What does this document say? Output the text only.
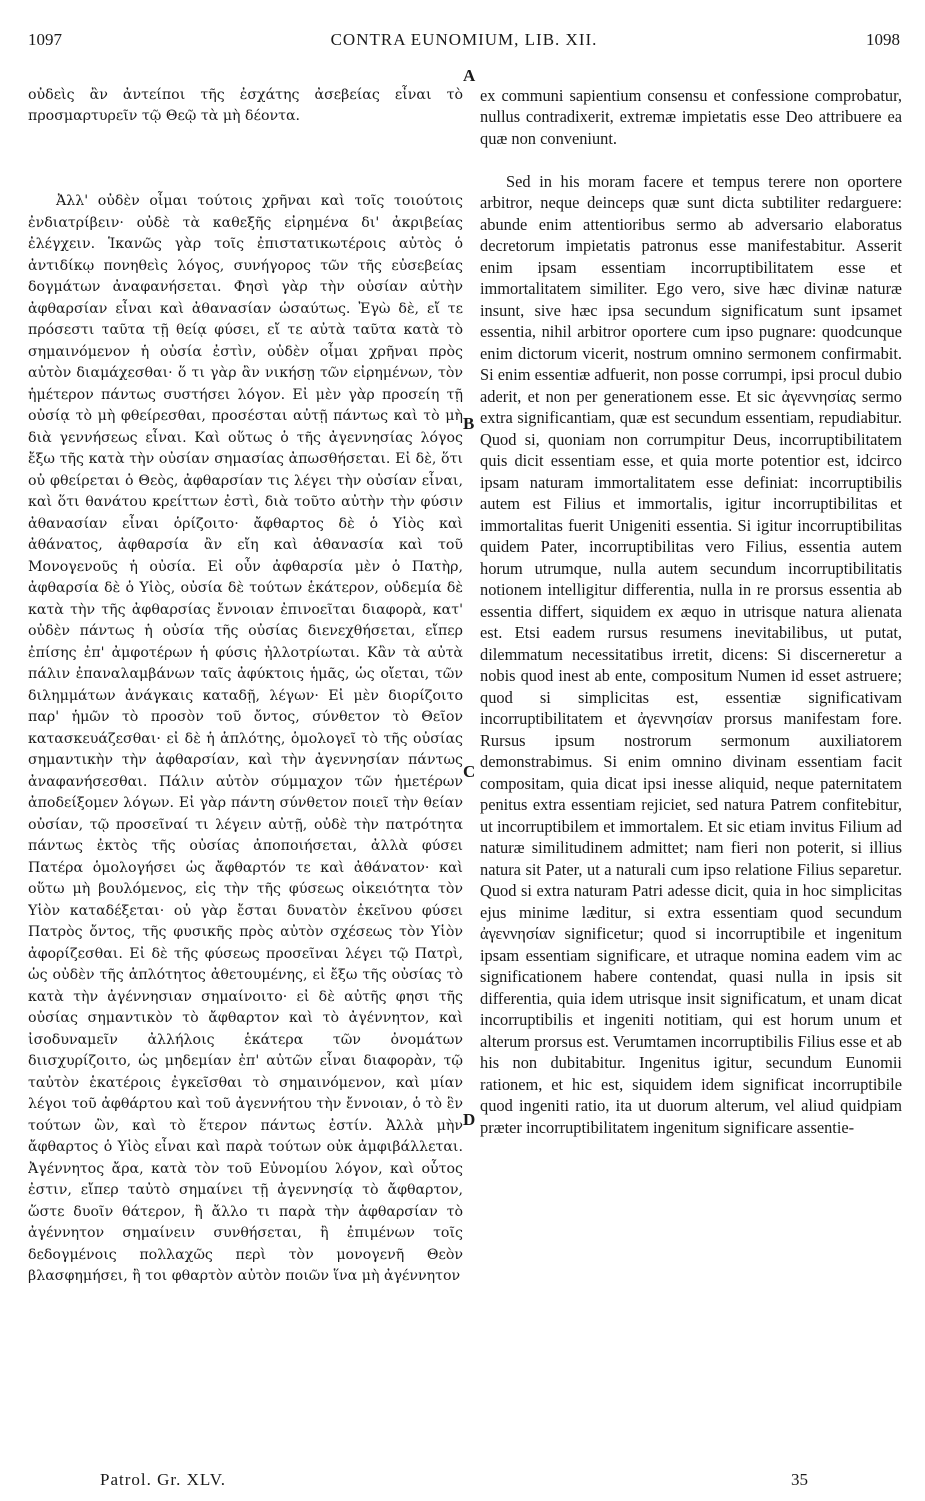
1097	CONTRA EUNOMIUM, LIB. XII.	1098

οὐδεὶς ἂν ἀντείποι τῆς ἐσχάτης ἀσεβείας εἶναι τὸ προσμαρτυρεῖν τῷ Θεῷ τὰ μὴ δέοντα.

Ἀλλ' οὐδὲν οἶμαι τούτοις χρῆναι καὶ τοῖς τοιούτοις ἐνδιατρίβειν· οὐδὲ τὰ καθεξῆς εἰρημένα δι' ἀκριβείας ἐλέγχειν. Ἱκανῶς γὰρ τοῖς ἐπιστατικωτέροις αὐτὸς ὁ ἀντιδίκῳ πονηθεὶς λόγος, συνήγορος τῶν τῆς εὐσεβείας δογμάτων ἀναφανήσεται. Φησὶ γὰρ τὴν οὐσίαν αὐτὴν ἀφθαρσίαν εἶναι καὶ ἀθανασίαν ὡσαύτως. Ἐγὼ δὲ, εἴ τε πρόσεστι ταῦτα τῇ θείᾳ φύσει, εἴ τε αὐτὰ ταῦτα κατὰ τὸ σημαινόμενον ἡ οὐσία ἐστὶν, οὐδὲν οἶμαι χρῆναι πρὸς αὐτὸν διαμάχεσθαι· ὅ τι γὰρ ἂν νικήσῃ τῶν εἰρημένων, τὸν ἡμέτερον πάντως συστήσει λόγον. Εἰ μὲν γὰρ προσείη τῇ οὐσίᾳ τὸ μὴ φθείρεσθαι, προσέσται αὐτῇ πάντως καὶ τὸ μὴ διὰ γεννήσεως εἶναι. Καὶ οὕτως ὁ τῆς ἀγεννησίας λόγος ἔξω τῆς κατὰ τὴν οὐσίαν σημασίας ἀπωσθήσεται. Εἰ δὲ, ὅτι οὐ φθείρεται ὁ Θεὸς, ἀφθαρσίαν τις λέγει τὴν οὐσίαν εἶναι, καὶ ὅτι θανάτου κρείττων ἐστὶ, διὰ τοῦτο αὐτὴν τὴν φύσιν ἀθανασίαν εἶναι ὁρίζοιτο· ἄφθαρτος δὲ ὁ Υἱὸς καὶ ἀθάνατος, ἀφθαρσία ἂν εἴη καὶ ἀθανασία καὶ τοῦ Μονογενοῦς ἡ οὐσία. Εἰ οὖν ἀφθαρσία μὲν ὁ Πατὴρ, ἀφθαρσία δὲ ὁ Υἱὸς, οὐσία δὲ τούτων ἑκάτερον, οὐδεμία δὲ κατὰ τὴν τῆς ἀφθαρσίας ἔννοιαν ἐπινοεῖται διαφορὰ, κατ' οὐδὲν πάντως ἡ οὐσία τῆς οὐσίας διενεχθήσεται, εἴπερ ἐπίσης ἐπ' ἀμφοτέρων ἡ φύσις ἠλλοτρίωται. Κἂν τὰ αὐτὰ πάλιν ἐπαναλαμβάνων ταῖς ἀφύκτοις ἡμᾶς, ὡς οἴεται, τῶν διλημμάτων ἀνάγκαις καταδῇ, λέγων· Εἰ μὲν διορίζοιτο παρ' ἡμῶν τὸ προσὸν τοῦ ὄντος, σύνθετον τὸ Θεῖον κατασκευάζεσθαι· εἰ δὲ ἡ ἁπλότης, ὁμολογεῖ τὸ τῆς οὐσίας σημαντικὴν τὴν ἀφθαρσίαν, καὶ τὴν ἀγεννησίαν πάντως ἀναφανήσεσθαι. Πάλιν αὐτὸν σύμμαχον τῶν ἡμετέρων ἀποδείξομεν λόγων. Εἰ γὰρ πάντη σύνθετον ποιεῖ τὴν θείαν οὐσίαν, τῷ προσεῖναί τι λέγειν αὐτῇ, οὐδὲ τὴν πατρότητα πάντως ἐκτὸς τῆς οὐσίας ἀποποιήσεται, ἀλλὰ φύσει Πατέρα ὁμολογήσει ὡς ἄφθαρτόν τε καὶ ἀθάνατον· καὶ οὕτω μὴ βουλόμενος, εἰς τὴν τῆς φύσεως οἰκειότητα τὸν Υἱὸν καταδέξεται· οὐ γὰρ ἔσται δυνατὸν ἐκεῖνου φύσει Πατρὸς ὄντος, τῆς φυσικῆς πρὸς αὐτὸν σχέσεως τὸν Υἱὸν ἀφορίζεσθαι. Εἰ δὲ τῆς φύσεως προσεῖναι λέγει τῷ Πατρὶ, ὡς οὐδὲν τῆς ἁπλότητος ἀθετουμένης, εἰ ἔξω τῆς οὐσίας τὸ κατὰ τὴν ἀγέννησιαν σημαίνοιτο· εἰ δὲ αὐτῆς φησι τῆς οὐσίας σημαντικὸν τὸ ἄφθαρτον καὶ τὸ ἀγέννητον, καὶ ἰσοδυναμεῖν ἀλλήλοις ἑκάτερα τῶν ὀνομάτων διισχυρίζοιτο, ὡς μηδεμίαν ἐπ' αὐτῶν εἶναι διαφορὰν, τῷ ταὐτὸν ἑκατέροις ἐγκεῖσθαι τὸ σημαινόμενον, καὶ μίαν λέγοι τοῦ ἀφθάρτου καὶ τοῦ ἀγεννήτου τὴν ἔννοιαν, ὁ τὸ ἓν τούτων ὢν, καὶ τὸ ἕτερον πάντως ἐστίν. Ἀλλὰ μὴν ἄφθαρτος ὁ Υἱὸς εἶναι καὶ παρὰ τούτων οὐκ ἀμφιβάλλεται. Ἀγέννητος ἄρα, κατὰ τὸν τοῦ Εὐνομίου λόγον, καὶ οὗτος ἐστιν, εἴπερ ταὐτὸ σημαίνει τῇ ἀγεννησίᾳ τὸ ἄφθαρτον, ὥστε δυοῖν θάτερον, ἢ ἄλλο τι παρὰ τὴν ἀφθαρσίαν τὸ ἀγέννητον σημαίνειν συνθήσεται, ἢ ἐπιμένων τοῖς δεδογμένοις πολλαχῶς περὶ τὸν μονογενῆ Θεὸν βλασφημήσει, ἢ τοι φθαρτὸν αὐτὸν ποιῶν ἵνα μὴ ἀγέννητον

ex communi sapientium consensu et confessione comprobatur, nullus contradixerit, extremæ impietatis esse Deo attribuere ea quæ non conveniunt.

Sed in his moram facere et tempus terere non oportere arbitror, neque deinceps quæ sunt dicta subtiliter redarguere: abunde enim attentioribus sermo ab adversario elaboratus decretorum impietatis patronus esse manifestabitur. Asserit enim ipsam essentiam incorruptibilitatem esse et immortalitatem similiter. Ego vero, sive hæc divinæ naturæ insunt, sive hæc ipsa secundum significatum sunt ipsamet essentia, nihil arbitror oportere cum ipso pugnare: quodcunque enim dictorum vicerit, nostrum omnino sermonem confirmabit. Si enim essentiæ adfuerit, non posse corrumpi, ipsi procul dubio aderit, et non per generationem esse. Et sic ἀγεννησίας sermo extra significantiam, quæ est secundum essentiam, repudiabitur. Quod si, quoniam non corrumpitur Deus, incorruptibilitatem quis dicit essentiam esse, et quia morte potentior est, idcirco ipsam naturam immortalitatem esse definiat: incorruptibilis autem est Filius et immortalis, igitur incorruptibilitas et immortalitas fuerit Unigeniti essentia. Si igitur incorruptibilitas quidem Pater, incorruptibilitas vero Filius, essentia autem horum utrumque, nulla autem secundum incorruptibilitatis notionem intelligitur differentia, nulla in re prorsus essentia ab essentia differt, siquidem ex æquo in utrisque natura alienata est. Etsi eadem rursus resumens inevitabilibus, ut putat, dilemmatum necessitatibus irretit, dicens: Si discerneretur a nobis quod inest ab ente, compositum Numen id esset astruere; quod si simplicitas est, essentiæ significativam incorruptibilitatem et ἀγεννησίαν prorsus manifestam fore. Rursus ipsum nostrorum sermonum auxiliatorem demonstrabimus. Si enim omnino divinam essentiam facit compositam, quia dicat ipsi inesse aliquid, neque paternitatem penitus extra essentiam rejiciet, sed natura Patrem confitebitur, ut incorruptibilem et immortalem. Et sic etiam invitus Filium ad naturæ similitudinem admittet; nam fieri non poterit, si illius natura sit Pater, ut a naturali cum ipso relatione Filius separetur. Quod si extra naturam Patri adesse dicit, quia in hoc simplicitas ejus minime læditur, si extra essentiam quod secundum ἀγεννησίαν significetur; quod si incorruptibile et ingenitum ipsam essentiam significare, et utraque nomina eadem vim ac significationem habere contendat, quasi nulla in ipsis sit differentia, quia idem utrisque insit significatum, et unam dicat incorruptibilis et ingeniti notitiam, qui est horum unum et alterum prorsus est. Verumtamen incorruptibilis Filius esse et ab his non dubitabitur. Ingenitus igitur, secundum Eunomii rationem, et hic est, siquidem idem significat incorruptibile quod ingeniti ratio, ita ut duorum alterum, vel aliud quidpiam præter incorruptibilitatem ingenitum significare assentie-

A
B
C
D
Patrol. Gr. XLV.	35
